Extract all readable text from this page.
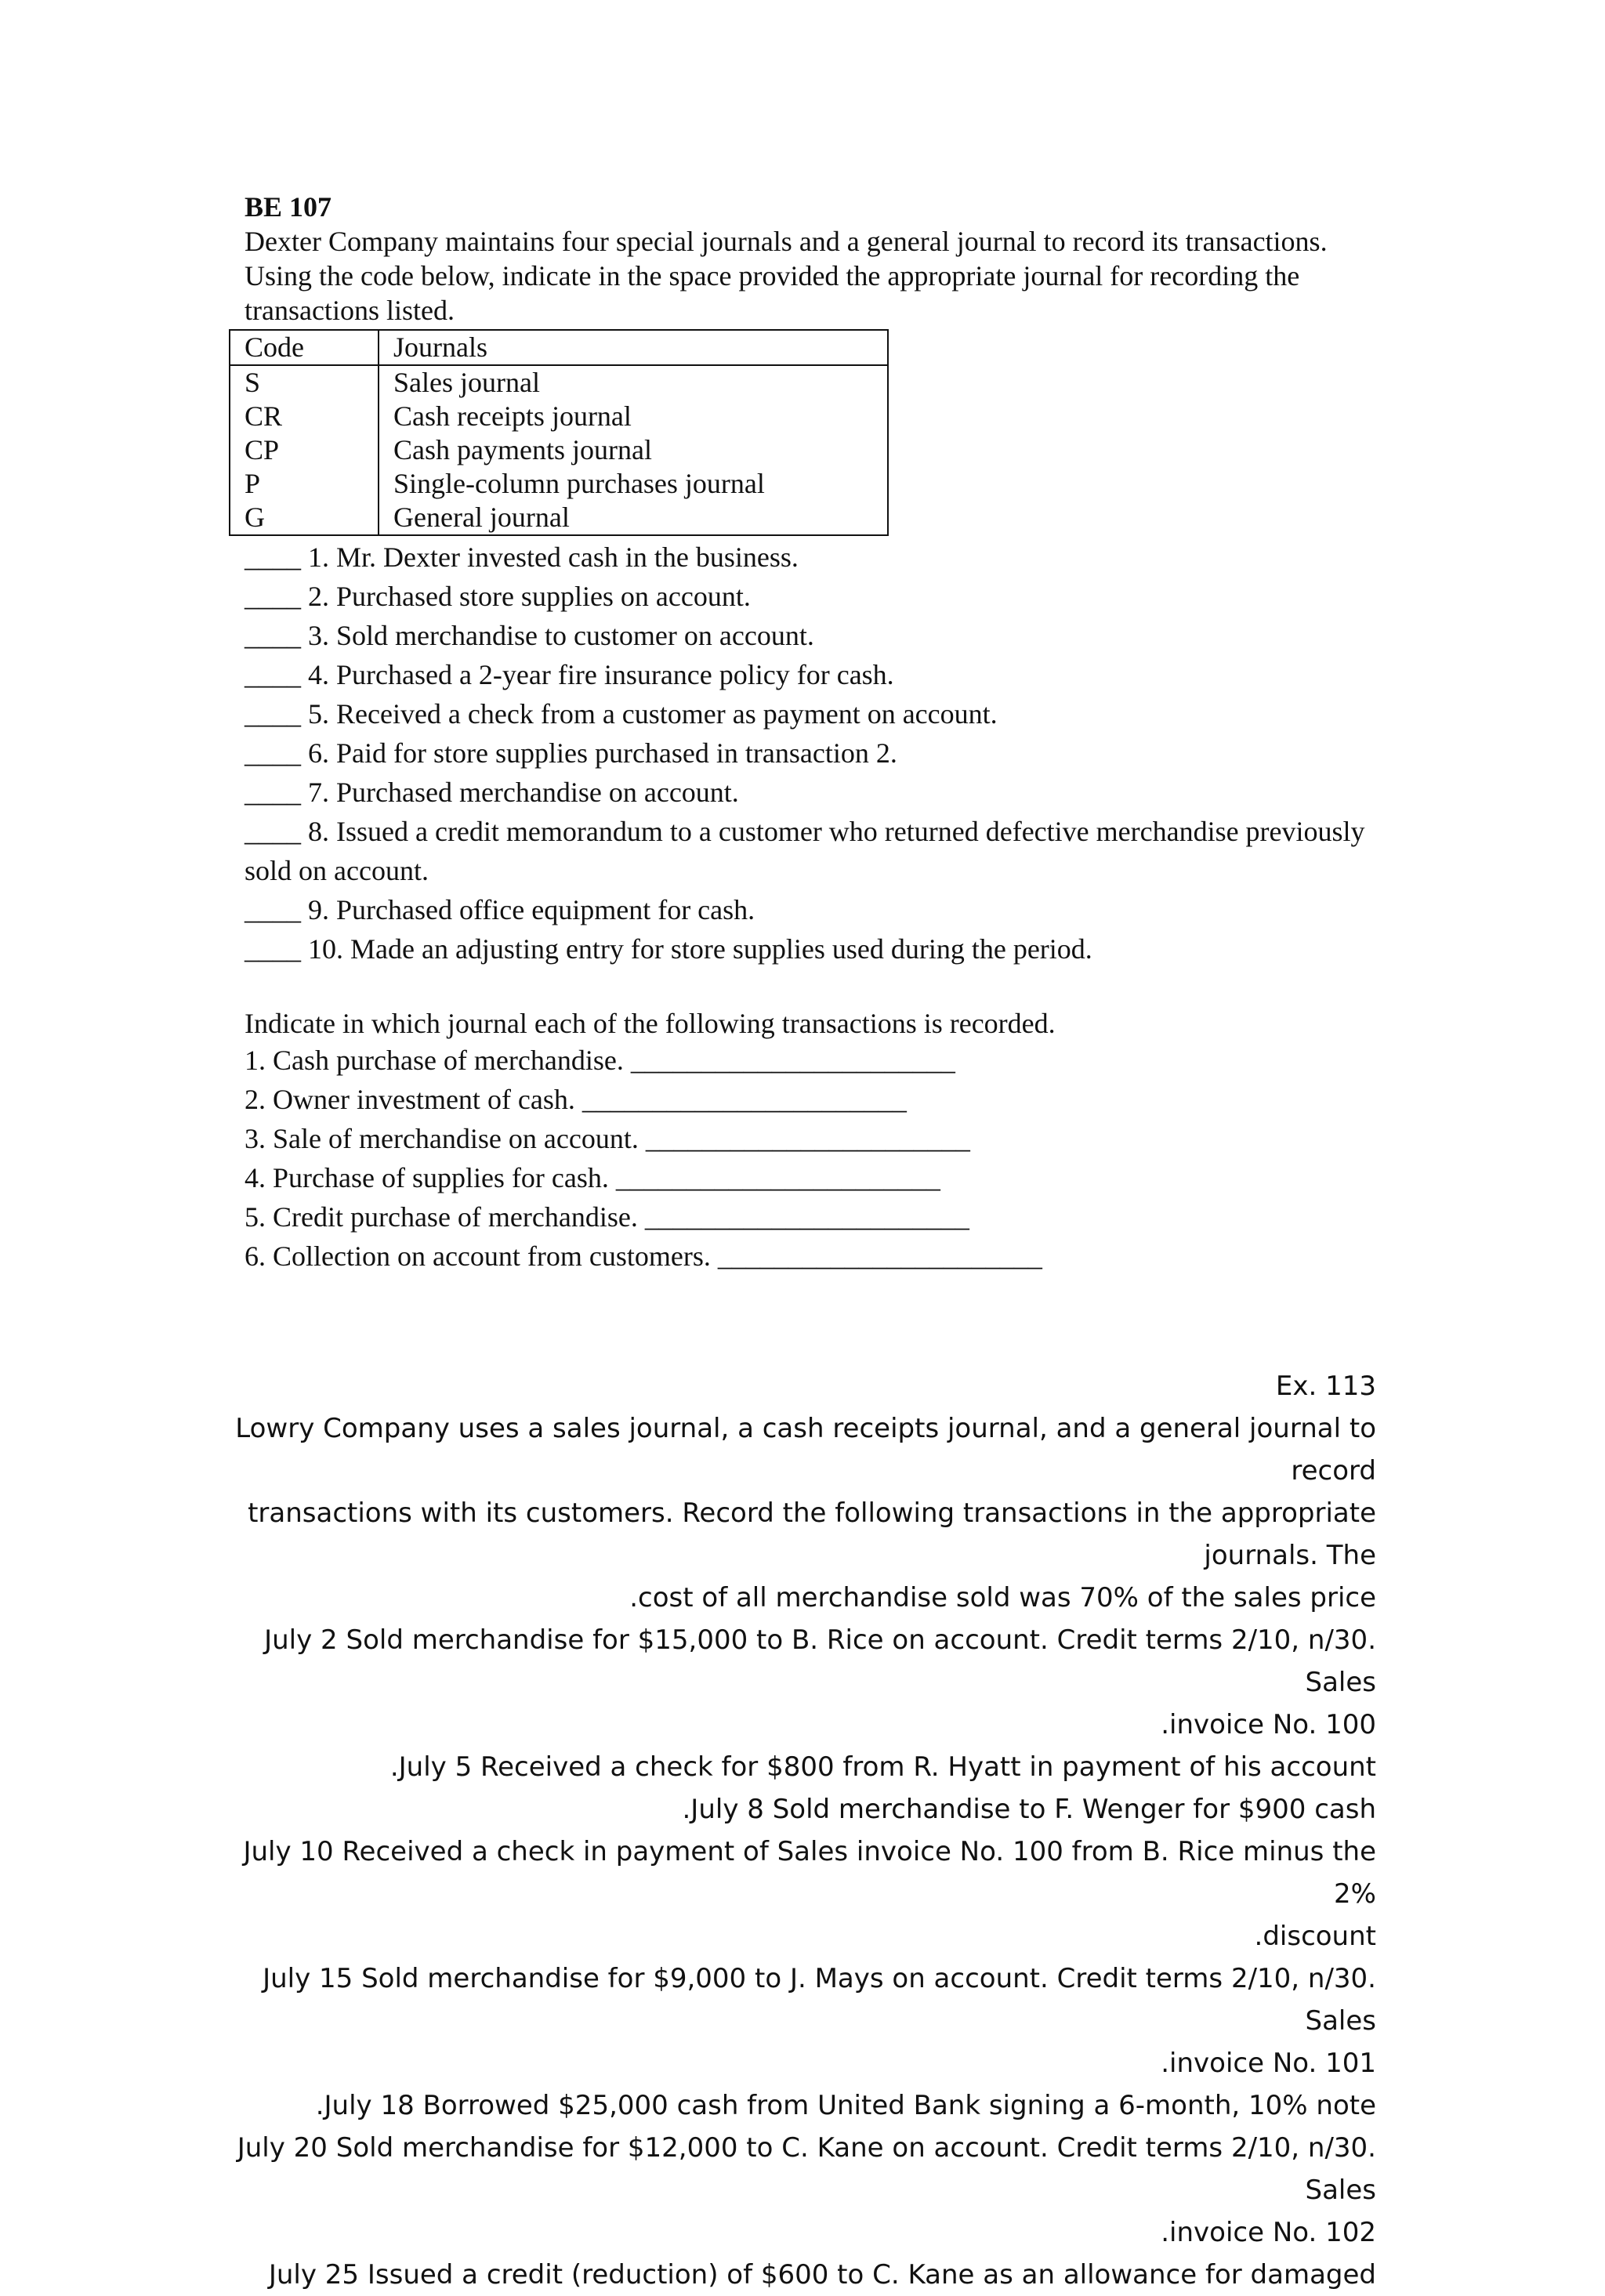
BE 107

Dexter Company maintains four special journals and a general journal to record its transactions.

Using the code below, indicate in the space provided the appropriate journal for recording the transactions listed.

Code	Journals
S	Sales journal
CR	Cash receipts journal
CP	Cash payments journal
P	Single-column purchases journal
G	General journal
____ 1. Mr. Dexter invested cash in the business.
____ 2. Purchased store supplies on account.
____ 3. Sold merchandise to customer on account.
____ 4. Purchased a 2-year fire insurance policy for cash.
____ 5. Received a check from a customer as payment on account.
____ 6. Paid for store supplies purchased in transaction 2.
____ 7. Purchased merchandise on account.
____ 8. Issued a credit memorandum to a customer who returned defective merchandise previously sold on account.
____ 9. Purchased office equipment for cash.
____ 10. Made an adjusting entry for store supplies used during the period.

Indicate in which journal each of the following transactions is recorded.

1. Cash purchase of merchandise. _______________________
2. Owner investment of cash. _______________________
3. Sale of merchandise on account. _______________________
4. Purchase of supplies for cash. _______________________
5. Credit purchase of merchandise. _______________________
6. Collection on account from customers. _______________________

Ex. 113

Lowry Company uses a sales journal, a cash receipts journal, and a general journal to record

transactions with its customers. Record the following transactions in the appropriate

journals. The

.cost of all merchandise sold was 70% of the sales price

July 2 Sold merchandise for $15,000 to B. Rice on account. Credit terms 2/10, n/30. Sales

.invoice No. 100

.July 5 Received a check for $800 from R. Hyatt in payment of his account

.July 8 Sold merchandise to F. Wenger for $900 cash

July 10 Received a check in payment of Sales invoice No. 100 from B. Rice minus the 2%

.discount

July 15 Sold merchandise for $9,000 to J. Mays on account. Credit terms 2/10, n/30. Sales

.invoice No. 101

.July 18 Borrowed $25,000 cash from United Bank signing a 6-month, 10% note

July 20 Sold merchandise for $12,000 to C. Kane on account. Credit terms 2/10, n/30. Sales

.invoice No. 102

July 25 Issued a credit (reduction) of $600 to C. Kane as an allowance for damaged
